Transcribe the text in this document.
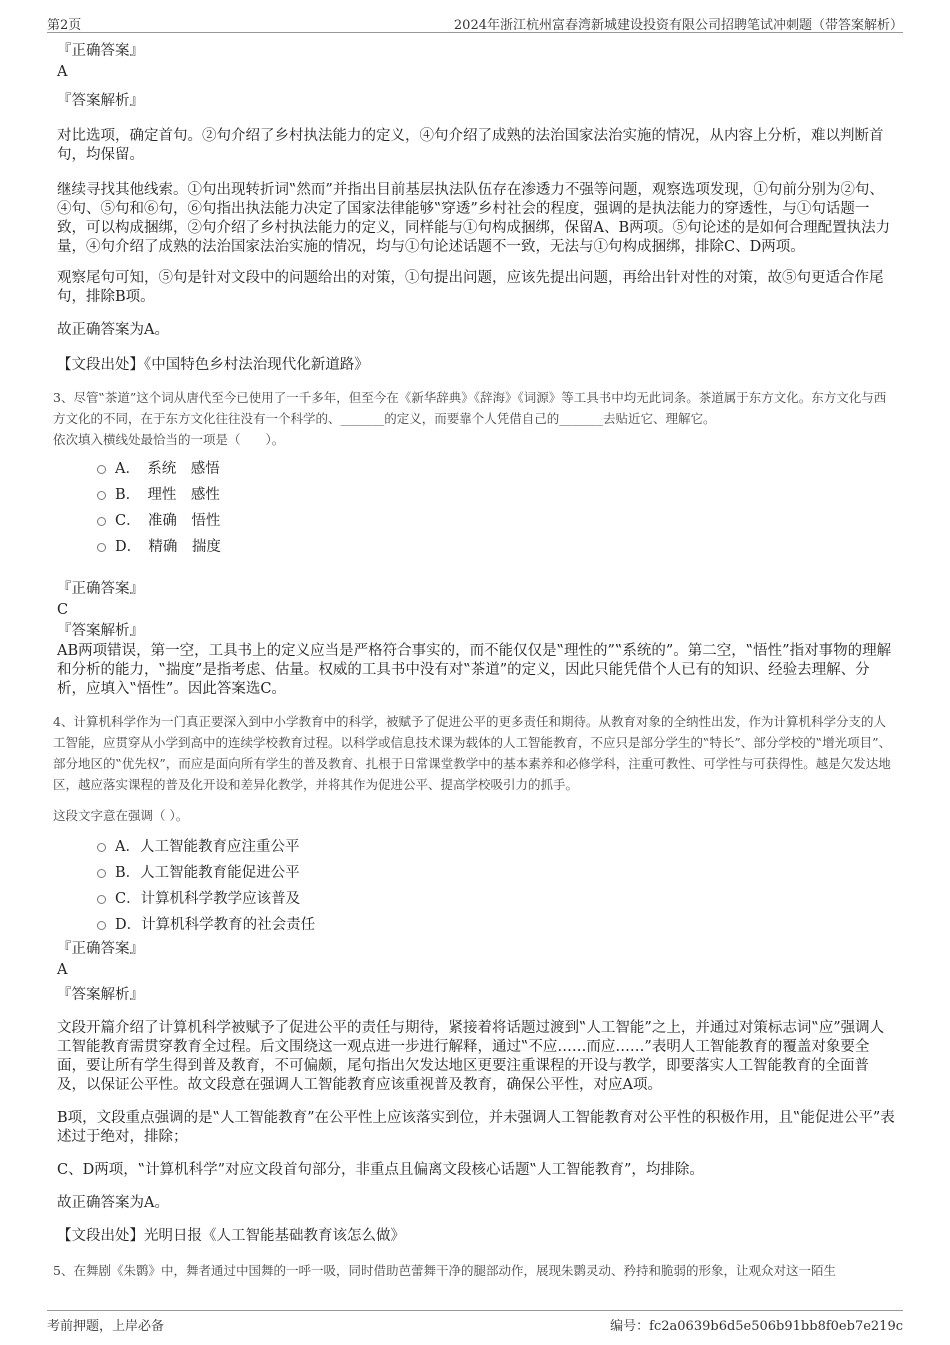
第2页	2024年浙江杭州富春湾新城建设投资有限公司招聘笔试冲刺题（带答案解析）
『正确答案』
A
『答案解析』

对比选项，确定首句。②句介绍了乡村执法能力的定义，④句介绍了成熟的法治国家法治实施的情况，从内容上分析，难以判断首句，均保留。

继续寻找其他线索。①句出现转折词‟然而”并指出目前基层执法队伍存在渗透力不强等问题，观察选项发现，①句前分别为②句、④句、⑤句和⑥句，⑥句指出执法能力决定了国家法律能够‟穿透”乡村社会的程度，强调的是执法能力的穿透性，与①句话题一致，可以构成捆绑，②句介绍了乡村执法能力的定义，同样能与①句构成捆绑，保留A、B两项。⑤句论述的是如何合理配置执法力量，④句介绍了成熟的法治国家法治实施的情况，均与①句论述话题不一致，无法与①句构成捆绑，排除C、D两项。

观察尾句可知，⑤句是针对文段中的问题给出的对策，①句提出问题，应该先提出问题，再给出针对性的对策，故⑤句更适合作尾句，排除B项。

故正确答案为A。

【文段出处】《中国特色乡村法治现代化新道路》

3、尽管‟茶道”这个词从唐代至今已使用了一千多年，但至今在《新华辞典》《辞海》《词源》等工具书中均无此词条。茶道属于东方文化。东方文化与西方文化的不同，在于东方文化往往没有一个科学的、_______的定义，而要靠个人凭借自己的_______去贴近它、理解它。

依次填入横线处最恰当的一项是（　　）。

A．　系统　感悟
B．　理性　感性
C．　准确　悟性
D．　精确　揣度
『正确答案』
C
『答案解析』

AB两项错误，第一空，工具书上的定义应当是严格符合事实的，而不能仅仅是‟理性的”‟系统的”。第二空，‟悟性”指对事物的理解和分析的能力，‟揣度”是指考虑、估量。权威的工具书中没有对‟茶道”的定义，因此只能凭借个人已有的知识、经验去理解、分析，应填入‟悟性”。因此答案选C。

4、计算机科学作为一门真正要深入到中小学教育中的科学，被赋予了促进公平的更多责任和期待。从教育对象的全纳性出发，作为计算机科学分支的人工智能，应贯穿从小学到高中的连续学校教育过程。以科学或信息技术课为载体的人工智能教育，不应只是部分学生的‟特长”、部分学校的‟增光项目”、部分地区的‟优先权”，而应是面向所有学生的普及教育、扎根于日常课堂教学中的基本素养和必修学科，注重可教性、可学性与可获得性。越是欠发达地区，越应落实课程的普及化开设和差异化教学，并将其作为促进公平、提高学校吸引力的抓手。

这段文字意在强调（ ）。

A．人工智能教育应注重公平
B．人工智能教育能促进公平
C．计算机科学教学应该普及
D．计算机科学教育的社会责任
『正确答案』
A
『答案解析』

文段开篇介绍了计算机科学被赋予了促进公平的责任与期待，紧接着将话题过渡到‟人工智能”之上，并通过对策标志词‟应”强调人工智能教育需贯穿教育全过程。后文围绕这一观点进一步进行解释，通过‟不应……而应……”表明人工智能教育的覆盖对象要全面，要让所有学生得到普及教育，不可偏颇，尾句指出欠发达地区更要注重课程的开设与教学，即要落实人工智能教育的全面普及，以保证公平性。故文段意在强调人工智能教育应该重视普及教育，确保公平性，对应A项。

B项，文段重点强调的是‟人工智能教育”在公平性上应该落实到位，并未强调人工智能教育对公平性的积极作用，且‟能促进公平”表述过于绝对，排除；

C、D两项，‟计算机科学”对应文段首句部分，非重点且偏离文段核心话题‟人工智能教育”，均排除。

故正确答案为A。

【文段出处】光明日报《人工智能基础教育该怎么做》

5、在舞剧《朱鹮》中，舞者通过中国舞的一呼一吸，同时借助芭蕾舞干净的腿部动作，展现朱鹮灵动、矜持和脆弱的形象，让观众对这一陌生

考前押题，上岸必备	编号：fc2a0639b6d5e506b91bb8f0eb7e219c
